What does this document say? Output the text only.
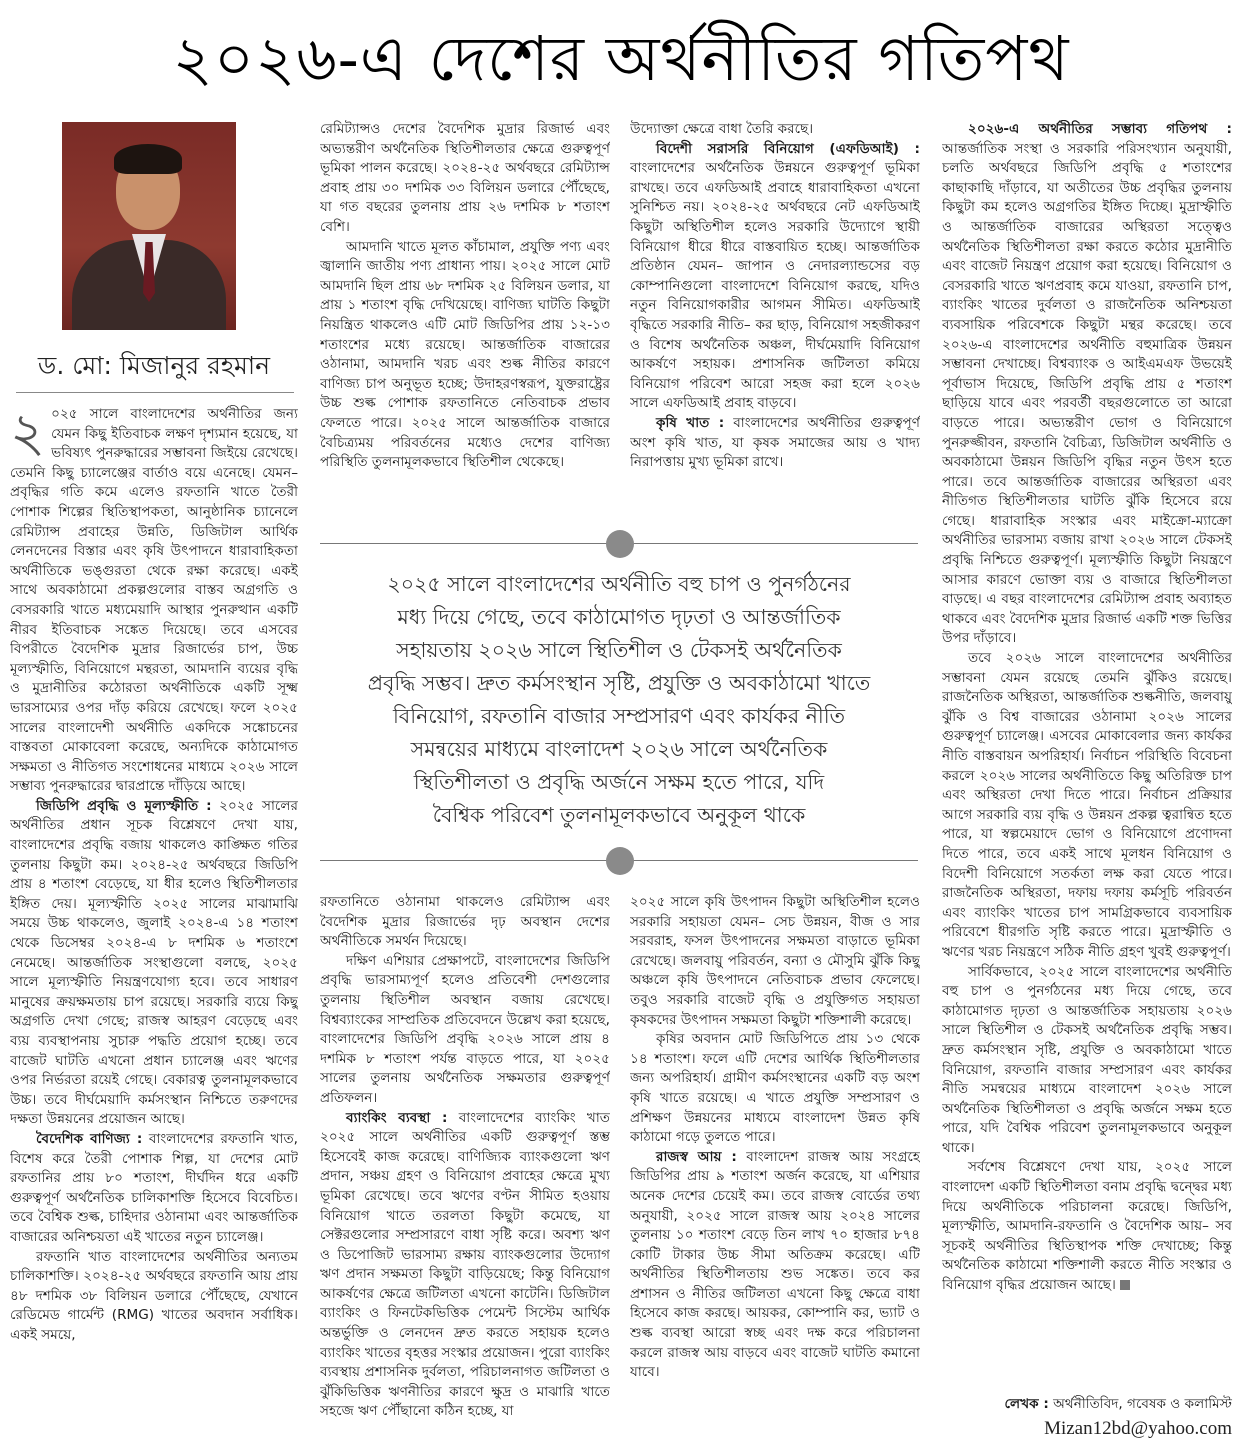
২০২৬-এ দেশের অর্থনীতির গতিপথ
ড. মো: মিজানুর রহমান

২ ০২৫ সালে বাংলাদেশের অর্থনীতির জন্য যেমন কিছু ইতিবাচক লক্ষণ দৃশ্যমান হয়েছে, যা ভবিষ্যৎ পুনরুদ্ধারের সম্ভাবনা জিইয়ে রেখেছে। তেমনি কিছু চ্যালেঞ্জের বার্তাও বয়ে এনেছে। যেমন– প্রবৃদ্ধির গতি কমে এলেও রফতানি খাতে তৈরী পোশাক শিল্পের স্থিতিস্থাপকতা, আনুষ্ঠানিক চ্যানেলে রেমিট্যান্স প্রবাহের উন্নতি, ডিজিটাল আর্থিক লেনদেনের বিস্তার এবং কৃষি উৎপাদনে ধারাবাহিকতা অর্থনীতিকে ভঙ্গুরতা থেকে রক্ষা করেছে। একই সাথে অবকাঠামো প্রকল্পগুলোর বাস্তব অগ্রগতি ও বেসরকারি খাতে মধ্যমেয়াদি আস্থার পুনরুত্থান একটি নীরব ইতিবাচক সঙ্কেত দিয়েছে। তবে এসবের বিপরীতে বৈদেশিক মুদ্রার রিজার্ভের চাপ, উচ্চ মূল্যস্ফীতি, বিনিয়োগে মন্থরতা, আমদানি ব্যয়ের বৃদ্ধি ও মুদ্রানীতির কঠোরতা অর্থনীতিকে একটি সূক্ষ্ম ভারসাম্যের ওপর দাঁড় করিয়ে রেখেছে। ফলে ২০২৫ সালের বাংলাদেশী অর্থনীতি একদিকে সঙ্কোচনের বাস্তবতা মোকাবেলা করেছে, অন্যদিকে কাঠামোগত সক্ষমতা ও নীতিগত সংশোধনের মাধ্যমে ২০২৬ সালে সম্ভাব্য পুনরুদ্ধারের দ্বারপ্রান্তে দাঁড়িয়ে আছে।

জিডিপি প্রবৃদ্ধি ও মূল্যস্ফীতি : ২০২৫ সালের অর্থনীতির প্রধান সূচক বিশ্লেষণে দেখা যায়, বাংলাদেশের প্রবৃদ্ধি বজায় থাকলেও কাঙ্ক্ষিত গতির তুলনায় কিছুটা কম। ২০২৪-২৫ অর্থবছরে জিডিপি প্রায় ৪ শতাংশ বেড়েছে, যা ধীর হলেও স্থিতিশীলতার ইঙ্গিত দেয়। মূল্যস্ফীতি ২০২৫ সালের মাঝামাঝি সময়ে উচ্চ থাকলেও, জুলাই ২০২৪-এ ১৪ শতাংশ থেকে ডিসেম্বর ২০২৪-এ ৮ দশমিক ৬ শতাংশে নেমেছে। আন্তর্জাতিক সংস্থাগুলো বলছে, ২০২৫ সালে মূল্যস্ফীতি নিয়ন্ত্রণযোগ্য হবে। তবে সাধারণ মানুষের ক্রয়ক্ষমতায় চাপ রয়েছে। সরকারি ব্যয়ে কিছু অগ্রগতি দেখা গেছে; রাজস্ব আহরণ বেড়েছে এবং ব্যয় ব্যবস্থাপনায় সুচারু পদ্ধতি প্রয়োগ হচ্ছে। তবে বাজেট ঘাটতি এখনো প্রধান চ্যালেঞ্জ এবং ঋণের ওপর নির্ভরতা রয়েই গেছে। বেকারত্ব তুলনামূলকভাবে উচ্চ। তবে দীর্ঘমেয়াদি কর্মসংস্থান নিশ্চিতে তরুণদের দক্ষতা উন্নয়নের প্রয়োজন আছে।

বৈদেশিক বাণিজ্য : বাংলাদেশের রফতানি খাত, বিশেষ করে তৈরী পোশাক শিল্প, যা দেশের মোট রফতানির প্রায় ৮০ শতাংশ, দীর্ঘদিন ধরে একটি গুরুত্বপূর্ণ অর্থনৈতিক চালিকাশক্তি হিসেবে বিবেচিত। তবে বৈশ্বিক শুল্ক, চাহিদার ওঠানামা এবং আন্তর্জাতিক বাজারের অনিশ্চয়তা এই খাতের নতুন চ্যালেঞ্জ।

রফতানি খাত বাংলাদেশের অর্থনীতির অন্যতম চালিকাশক্তি। ২০২৪-২৫ অর্থবছরে রফতানি আয় প্রায় ৪৮ দশমিক ৩৮ বিলিয়ন ডলারে পৌঁছেছে, যেখানে রেডিমেড গার্মেন্ট (RMG) খাতের অবদান সর্বাধিক। একই সময়ে,

রেমিট্যান্সও দেশের বৈদেশিক মুদ্রার রিজার্ভ এবং অভ্যন্তরীণ অর্থনৈতিক স্থিতিশীলতার ক্ষেত্রে গুরুত্বপূর্ণ ভূমিকা পালন করেছে। ২০২৪-২৫ অর্থবছরে রেমিট্যান্স প্রবাহ প্রায় ৩০ দশমিক ৩৩ বিলিয়ন ডলারে পৌঁছেছে, যা গত বছরের তুলনায় প্রায় ২৬ দশমিক ৮ শতাংশ বেশি।

আমদানি খাতে মূলত কাঁচামাল, প্রযুক্তি পণ্য এবং জ্বালানি জাতীয় পণ্য প্রাধান্য পায়। ২০২৫ সালে মোট আমদানি ছিল প্রায় ৬৮ দশমিক ২৫ বিলিয়ন ডলার, যা প্রায় ১ শতাংশ বৃদ্ধি দেখিয়েছে। বাণিজ্য ঘাটতি কিছুটা নিয়ন্ত্রিত থাকলেও এটি মোট জিডিপির প্রায় ১২-১৩ শতাংশের মধ্যে রয়েছে। আন্তর্জাতিক বাজারের ওঠানামা, আমদানি খরচ এবং শুল্ক নীতির কারণে বাণিজ্য চাপ অনুভূত হচ্ছে; উদাহরণস্বরূপ, যুক্তরাষ্ট্রের উচ্চ শুল্ক পোশাক রফতানিতে নেতিবাচক প্রভাব ফেলতে পারে। ২০২৫ সালে আন্তর্জাতিক বাজারে বৈচিত্র্যময় পরিবর্তনের মধ্যেও দেশের বাণিজ্য পরিস্থিতি তুলনামূলকভাবে স্থিতিশীল থেকেছে।

উদ্যোক্তা ক্ষেত্রে বাধা তৈরি করছে।

বিদেশী সরাসরি বিনিয়োগ (এফডিআই) : বাংলাদেশের অর্থনৈতিক উন্নয়নে গুরুত্বপূর্ণ ভূমিকা রাখছে। তবে এফডিআই প্রবাহে ধারাবাহিকতা এখনো সুনিশ্চিত নয়। ২০২৪-২৫ অর্থবছরে নেট এফডিআই কিছুটা অস্থিতিশীল হলেও সরকারি উদ্যোগে স্থায়ী বিনিয়োগ ধীরে ধীরে বাস্তবায়িত হচ্ছে। আন্তর্জাতিক প্রতিষ্ঠান যেমন– জাপান ও নেদারল্যান্ডসের বড় কোম্পানিগুলো বাংলাদেশে বিনিয়োগ করছে, যদিও নতুন বিনিয়োগকারীর আগমন সীমিত। এফডিআই বৃদ্ধিতে সরকারি নীতি– কর ছাড়, বিনিয়োগ সহজীকরণ ও বিশেষ অর্থনৈতিক অঞ্চল, দীর্ঘমেয়াদি বিনিয়োগ আকর্ষণে সহায়ক। প্রশাসনিক জটিলতা কমিয়ে বিনিয়োগ পরিবেশ আরো সহজ করা হলে ২০২৬ সালে এফডিআই প্রবাহ বাড়বে।

কৃষি খাত : বাংলাদেশের অর্থনীতির গুরুত্বপূর্ণ অংশ কৃষি খাত, যা কৃষক সমাজের আয় ও খাদ্য নিরাপত্তায় মুখ্য ভূমিকা রাখে।

রফতানিতে ওঠানামা থাকলেও রেমিট্যান্স এবং বৈদেশিক মুদ্রার রিজার্ভের দৃঢ় অবস্থান দেশের অর্থনীতিকে সমর্থন দিয়েছে।

দক্ষিণ এশিয়ার প্রেক্ষাপটে, বাংলাদেশের জিডিপি প্রবৃদ্ধি ভারসাম্যপূর্ণ হলেও প্রতিবেশী দেশগুলোর তুলনায় স্থিতিশীল অবস্থান বজায় রেখেছে। বিশ্বব্যাংকের সাম্প্রতিক প্রতিবেদনে উল্লেখ করা হয়েছে, বাংলাদেশের জিডিপি প্রবৃদ্ধি ২০২৬ সালে প্রায় ৪ দশমিক ৮ শতাংশ পর্যন্ত বাড়তে পারে, যা ২০২৫ সালের তুলনায় অর্থনৈতিক সক্ষমতার গুরুত্বপূর্ণ প্রতিফলন।

ব্যাংকিং ব্যবস্থা : বাংলাদেশের ব্যাংকিং খাত ২০২৫ সালে অর্থনীতির একটি গুরুত্বপূর্ণ স্তম্ভ হিসেবেই কাজ করেছে। বাণিজ্যিক ব্যাংকগুলো ঋণ প্রদান, সঞ্চয় গ্রহণ ও বিনিয়োগ প্রবাহের ক্ষেত্রে মুখ্য ভূমিকা রেখেছে। তবে ঋণের বণ্টন সীমিত হওয়ায় বিনিয়োগ খাতে তরলতা কিছুটা কমেছে, যা সেক্টরগুলোর সম্প্রসারণে বাধা সৃষ্টি করে। অবশ্য ঋণ ও ডিপোজিট ভারসাম্য রক্ষায় ব্যাংকগুলোর উদ্যোগ ঋণ প্রদান সক্ষমতা কিছুটা বাড়িয়েছে; কিন্তু বিনিয়োগ আকর্ষণের ক্ষেত্রে জটিলতা এখনো কাটেনি। ডিজিটাল ব্যাংকিং ও ফিনটেকভিত্তিক পেমেন্ট সিস্টেম আর্থিক অন্তর্ভুক্তি ও লেনদেন দ্রুত করতে সহায়ক হলেও ব্যাংকিং খাতের বৃহত্তর সংস্কার প্রয়োজন। পুরো ব্যাংকিং ব্যবস্থায় প্রশাসনিক দুর্বলতা, পরিচালনাগত জটিলতা ও ঝুঁকিভিত্তিক ঋণনীতির কারণে ক্ষুদ্র ও মাঝারি খাতে সহজে ঋণ পৌঁছানো কঠিন হচ্ছে, যা

২০২৫ সালে কৃষি উৎপাদন কিছুটা অস্থিতিশীল হলেও সরকারি সহায়তা যেমন– সেচ উন্নয়ন, বীজ ও সার সরবরাহ, ফসল উৎপাদনের সক্ষমতা বাড়াতে ভূমিকা রেখেছে। জলবায়ু পরিবর্তন, বন্যা ও মৌসুমি ঝুঁকি কিছু অঞ্চলে কৃষি উৎপাদনে নেতিবাচক প্রভাব ফেলেছে। তবুও সরকারি বাজেট বৃদ্ধি ও প্রযুক্তিগত সহায়তা কৃষকদের উৎপাদন সক্ষমতা কিছুটা শক্তিশালী করেছে।

কৃষির অবদান মোট জিডিপিতে প্রায় ১৩ থেকে ১৪ শতাংশ। ফলে এটি দেশের আর্থিক স্থিতিশীলতার জন্য অপরিহার্য। গ্রামীণ কর্মসংস্থানের একটি বড় অংশ কৃষি খাতে রয়েছে। এ খাতে প্রযুক্তি সম্প্রসারণ ও প্রশিক্ষণ উন্নয়নের মাধ্যমে বাংলাদেশ উন্নত কৃষি কাঠামো গড়ে তুলতে পারে।

রাজস্ব আয় : বাংলাদেশ রাজস্ব আয় সংগ্রহে জিডিপির প্রায় ৯ শতাংশ অর্জন করেছে, যা এশিয়ার অনেক দেশের চেয়েই কম। তবে রাজস্ব বোর্ডের তথ্য অনুযায়ী, ২০২৫ সালে রাজস্ব আয় ২০২৪ সালের তুলনায় ১০ শতাংশ বেড়ে তিন লাখ ৭০ হাজার ৮৭৪ কোটি টাকার উচ্চ সীমা অতিক্রম করেছে। এটি অর্থনীতির স্থিতিশীলতায় শুভ সঙ্কেত। তবে কর প্রশাসন ও নীতির জটিলতা এখনো কিছু ক্ষেত্রে বাধা হিসেবে কাজ করছে। আয়কর, কোম্পানি কর, ভ্যাট ও শুল্ক ব্যবস্থা আরো স্বচ্ছ এবং দক্ষ করে পরিচালনা করলে রাজস্ব আয় বাড়বে এবং বাজেট ঘাটতি কমানো যাবে।

২০২৬-এ অর্থনীতির সম্ভাব্য গতিপথ : আন্তর্জাতিক সংস্থা ও সরকারি পরিসংখ্যান অনুযায়ী, চলতি অর্থবছরে জিডিপি প্রবৃদ্ধি ৫ শতাংশের কাছাকাছি দাঁড়াবে, যা অতীতের উচ্চ প্রবৃদ্ধির তুলনায় কিছুটা কম হলেও অগ্রগতির ইঙ্গিত দিচ্ছে। মুদ্রাস্ফীতি ও আন্তর্জাতিক বাজারের অস্থিরতা সত্ত্বেও অর্থনৈতিক স্থিতিশীলতা রক্ষা করতে কঠোর মুদ্রানীতি এবং বাজেট নিয়ন্ত্রণ প্রয়োগ করা হয়েছে। বিনিয়োগ ও বেসরকারি খাতে ঋণপ্রবাহ কমে যাওয়া, রফতানি চাপ, ব্যাংকিং খাতের দুর্বলতা ও রাজনৈতিক অনিশ্চয়তা ব্যবসায়িক পরিবেশকে কিছুটা মন্থর করেছে। তবে ২০২৬-এ বাংলাদেশের অর্থনীতি বহুমাত্রিক উন্নয়ন সম্ভাবনা দেখাচ্ছে। বিশ্বব্যাংক ও আইএমএফ উভয়েই পূর্বাভাস দিয়েছে, জিডিপি প্রবৃদ্ধি প্রায় ৫ শতাংশ ছাড়িয়ে যাবে এবং পরবর্তী বছরগুলোতে তা আরো বাড়তে পারে। অভ্যন্তরীণ ভোগ ও বিনিয়োগে পুনরুজ্জীবন, রফতানি বৈচিত্র্য, ডিজিটাল অর্থনীতি ও অবকাঠামো উন্নয়ন জিডিপি বৃদ্ধির নতুন উৎস হতে পারে। তবে আন্তর্জাতিক বাজারের অস্থিরতা এবং নীতিগত স্থিতিশীলতার ঘাটতি ঝুঁকি হিসেবে রয়ে গেছে। ধারাবাহিক সংস্কার এবং মাইক্রো-ম্যাক্রো অর্থনীতির ভারসাম্য বজায় রাখা ২০২৬ সালে টেকসই প্রবৃদ্ধি নিশ্চিতে গুরুত্বপূর্ণ। মূল্যস্ফীতি কিছুটা নিয়ন্ত্রণে আসার কারণে ভোক্তা ব্যয় ও বাজারে স্থিতিশীলতা বাড়ছে। এ বছর বাংলাদেশের রেমিট্যান্স প্রবাহ অব্যাহত থাকবে এবং বৈদেশিক মুদ্রার রিজার্ভ একটি শক্ত ভিত্তির উপর দাঁড়াবে।

তবে ২০২৬ সালে বাংলাদেশের অর্থনীতির সম্ভাবনা যেমন রয়েছে তেমনি ঝুঁকিও রয়েছে। রাজনৈতিক অস্থিরতা, আন্তর্জাতিক শুল্কনীতি, জলবায়ু ঝুঁকি ও বিশ্ব বাজারের ওঠানামা ২০২৬ সালের গুরুত্বপূর্ণ চ্যালেঞ্জ। এসবের মোকাবেলার জন্য কার্যকর নীতি বাস্তবায়ন অপরিহার্য। নির্বাচন পরিস্থিতি বিবেচনা করলে ২০২৬ সালের অর্থনীতিতে কিছু অতিরিক্ত চাপ এবং অস্থিরতা দেখা দিতে পারে। নির্বাচন প্রক্রিয়ার আগে সরকারি ব্যয় বৃদ্ধি ও উন্নয়ন প্রকল্প ত্বরান্বিত হতে পারে, যা স্বল্পমেয়াদে ভোগ ও বিনিয়োগে প্রণোদনা দিতে পারে, তবে একই সাথে মূলধন বিনিয়োগ ও বিদেশী বিনিয়োগে সতর্কতা লক্ষ করা যেতে পারে। রাজনৈতিক অস্থিরতা, দফায় দফায় কর্মসূচি পরিবর্তন এবং ব্যাংকিং খাতের চাপ সামগ্রিকভাবে ব্যবসায়িক পরিবেশে ধীরগতি সৃষ্টি করতে পারে। মুদ্রাস্ফীতি ও ঋণের খরচ নিয়ন্ত্রণে সঠিক নীতি গ্রহণ খুবই গুরুত্বপূর্ণ।

সার্বিকভাবে, ২০২৫ সালে বাংলাদেশের অর্থনীতি বহু চাপ ও পুনর্গঠনের মধ্য দিয়ে গেছে, তবে কাঠামোগত দৃঢ়তা ও আন্তর্জাতিক সহায়তায় ২০২৬ সালে স্থিতিশীল ও টেকসই অর্থনৈতিক প্রবৃদ্ধি সম্ভব। দ্রুত কর্মসংস্থান সৃষ্টি, প্রযুক্তি ও অবকাঠামো খাতে বিনিয়োগ, রফতানি বাজার সম্প্রসারণ এবং কার্যকর নীতি সমন্বয়ের মাধ্যমে বাংলাদেশ ২০২৬ সালে অর্থনৈতিক স্থিতিশীলতা ও প্রবৃদ্ধি অর্জনে সক্ষম হতে পারে, যদি বৈশ্বিক পরিবেশ তুলনামূলকভাবে অনুকূল থাকে।

সর্বশেষ বিশ্লেষণে দেখা যায়, ২০২৫ সালে বাংলাদেশ একটি স্থিতিশীলতা বনাম প্রবৃদ্ধি দ্বন্দ্বের মধ্য দিয়ে অর্থনীতিকে পরিচালনা করেছে। জিডিপি, মূল্যস্ফীতি, আমদানি-রফতানি ও বৈদেশিক আয়– সব সূচকই অর্থনীতির স্থিতিস্থাপক শক্তি দেখাচ্ছে; কিন্তু অর্থনৈতিক কাঠামো শক্তিশালী করতে নীতি সংস্কার ও বিনিয়োগ বৃদ্ধির প্রয়োজন আছে।

২০২৫ সালে বাংলাদেশের অর্থনীতি বহু চাপ ও পুনর্গঠনের
মধ্য দিয়ে গেছে, তবে কাঠামোগত দৃঢ়তা ও আন্তর্জাতিক
সহায়তায় ২০২৬ সালে স্থিতিশীল ও টেকসই অর্থনৈতিক
প্রবৃদ্ধি সম্ভব। দ্রুত কর্মসংস্থান সৃষ্টি, প্রযুক্তি ও অবকাঠামো খাতে
বিনিয়োগ, রফতানি বাজার সম্প্রসারণ এবং কার্যকর নীতি
সমন্বয়ের মাধ্যমে বাংলাদেশ ২০২৬ সালে অর্থনৈতিক
স্থিতিশীলতা ও প্রবৃদ্ধি অর্জনে সক্ষম হতে পারে, যদি
বৈশ্বিক পরিবেশ তুলনামূলকভাবে অনুকূল থাকে
লেখক : অর্থনীতিবিদ, গবেষক ও কলামিস্ট
Mizan12bd@yahoo.com
